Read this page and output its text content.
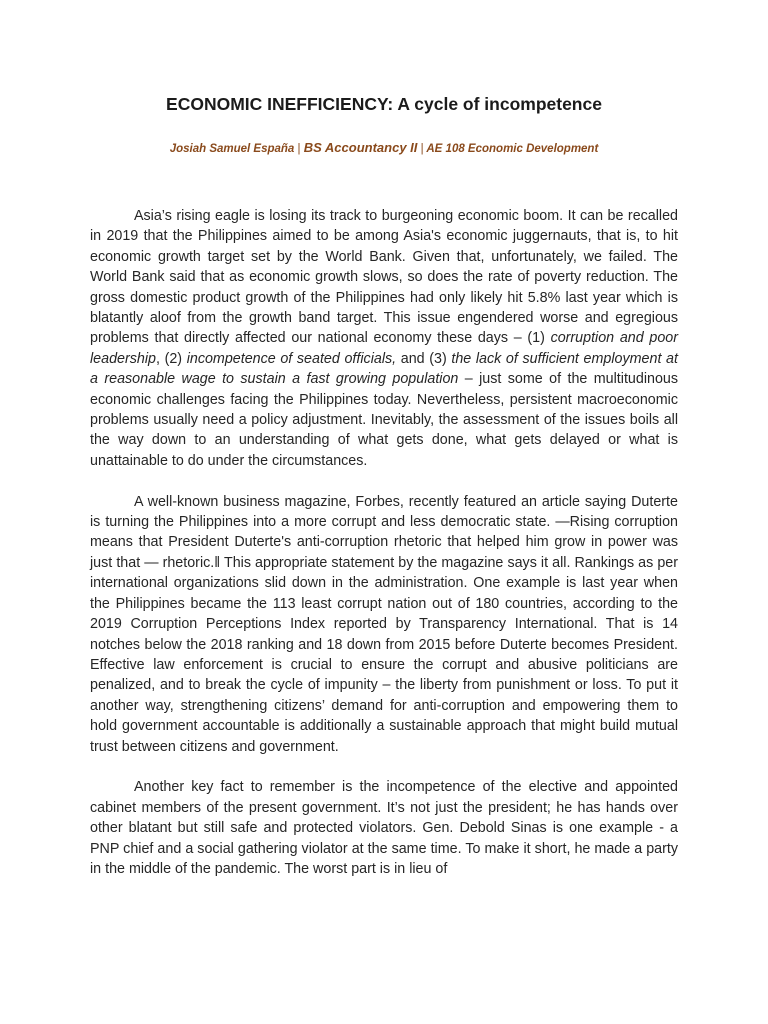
ECONOMIC INEFFICIENCY: A cycle of incompetence
Josiah Samuel España | BS Accountancy II | AE 108 Economic Development

Asia’s rising eagle is losing its track to burgeoning economic boom. It can be recalled in 2019 that the Philippines aimed to be among Asia's economic juggernauts, that is, to hit economic growth target set by the World Bank. Given that, unfortunately, we failed. The World Bank said that as economic growth slows, so does the rate of poverty reduction. The gross domestic product growth of the Philippines had only likely hit 5.8% last year which is blatantly aloof from the growth band target. This issue engendered worse and egregious problems that directly affected our national economy these days – (1) corruption and poor leadership, (2) incompetence of seated officials, and (3) the lack of sufficient employment at a reasonable wage to sustain a fast growing population – just some of the multitudinous economic challenges facing the Philippines today. Nevertheless, persistent macroeconomic problems usually need a policy adjustment. Inevitably, the assessment of the issues boils all the way down to an understanding of what gets done, what gets delayed or what is unattainable to do under the circumstances.

A well-known business magazine, Forbes, recently featured an article saying Duterte is turning the Philippines into a more corrupt and less democratic state. ―Rising corruption means that President Duterte's anti-corruption rhetoric that helped him grow in power was just that — rhetoric.‖ This appropriate statement by the magazine says it all. Rankings as per international organizations slid down in the administration. One example is last year when the Philippines became the 113 least corrupt nation out of 180 countries, according to the 2019 Corruption Perceptions Index reported by Transparency International. That is 14 notches below the 2018 ranking and 18 down from 2015 before Duterte becomes President. Effective law enforcement is crucial to ensure the corrupt and abusive politicians are penalized, and to break the cycle of impunity – the liberty from punishment or loss. To put it another way, strengthening citizens’ demand for anti-corruption and empowering them to hold government accountable is additionally a sustainable approach that might build mutual trust between citizens and government.

Another key fact to remember is the incompetence of the elective and appointed cabinet members of the present government. It’s not just the president; he has hands over other blatant but still safe and protected violators. Gen. Debold Sinas is one example - a PNP chief and a social gathering violator at the same time. To make it short, he made a party in the middle of the pandemic. The worst part is in lieu of
